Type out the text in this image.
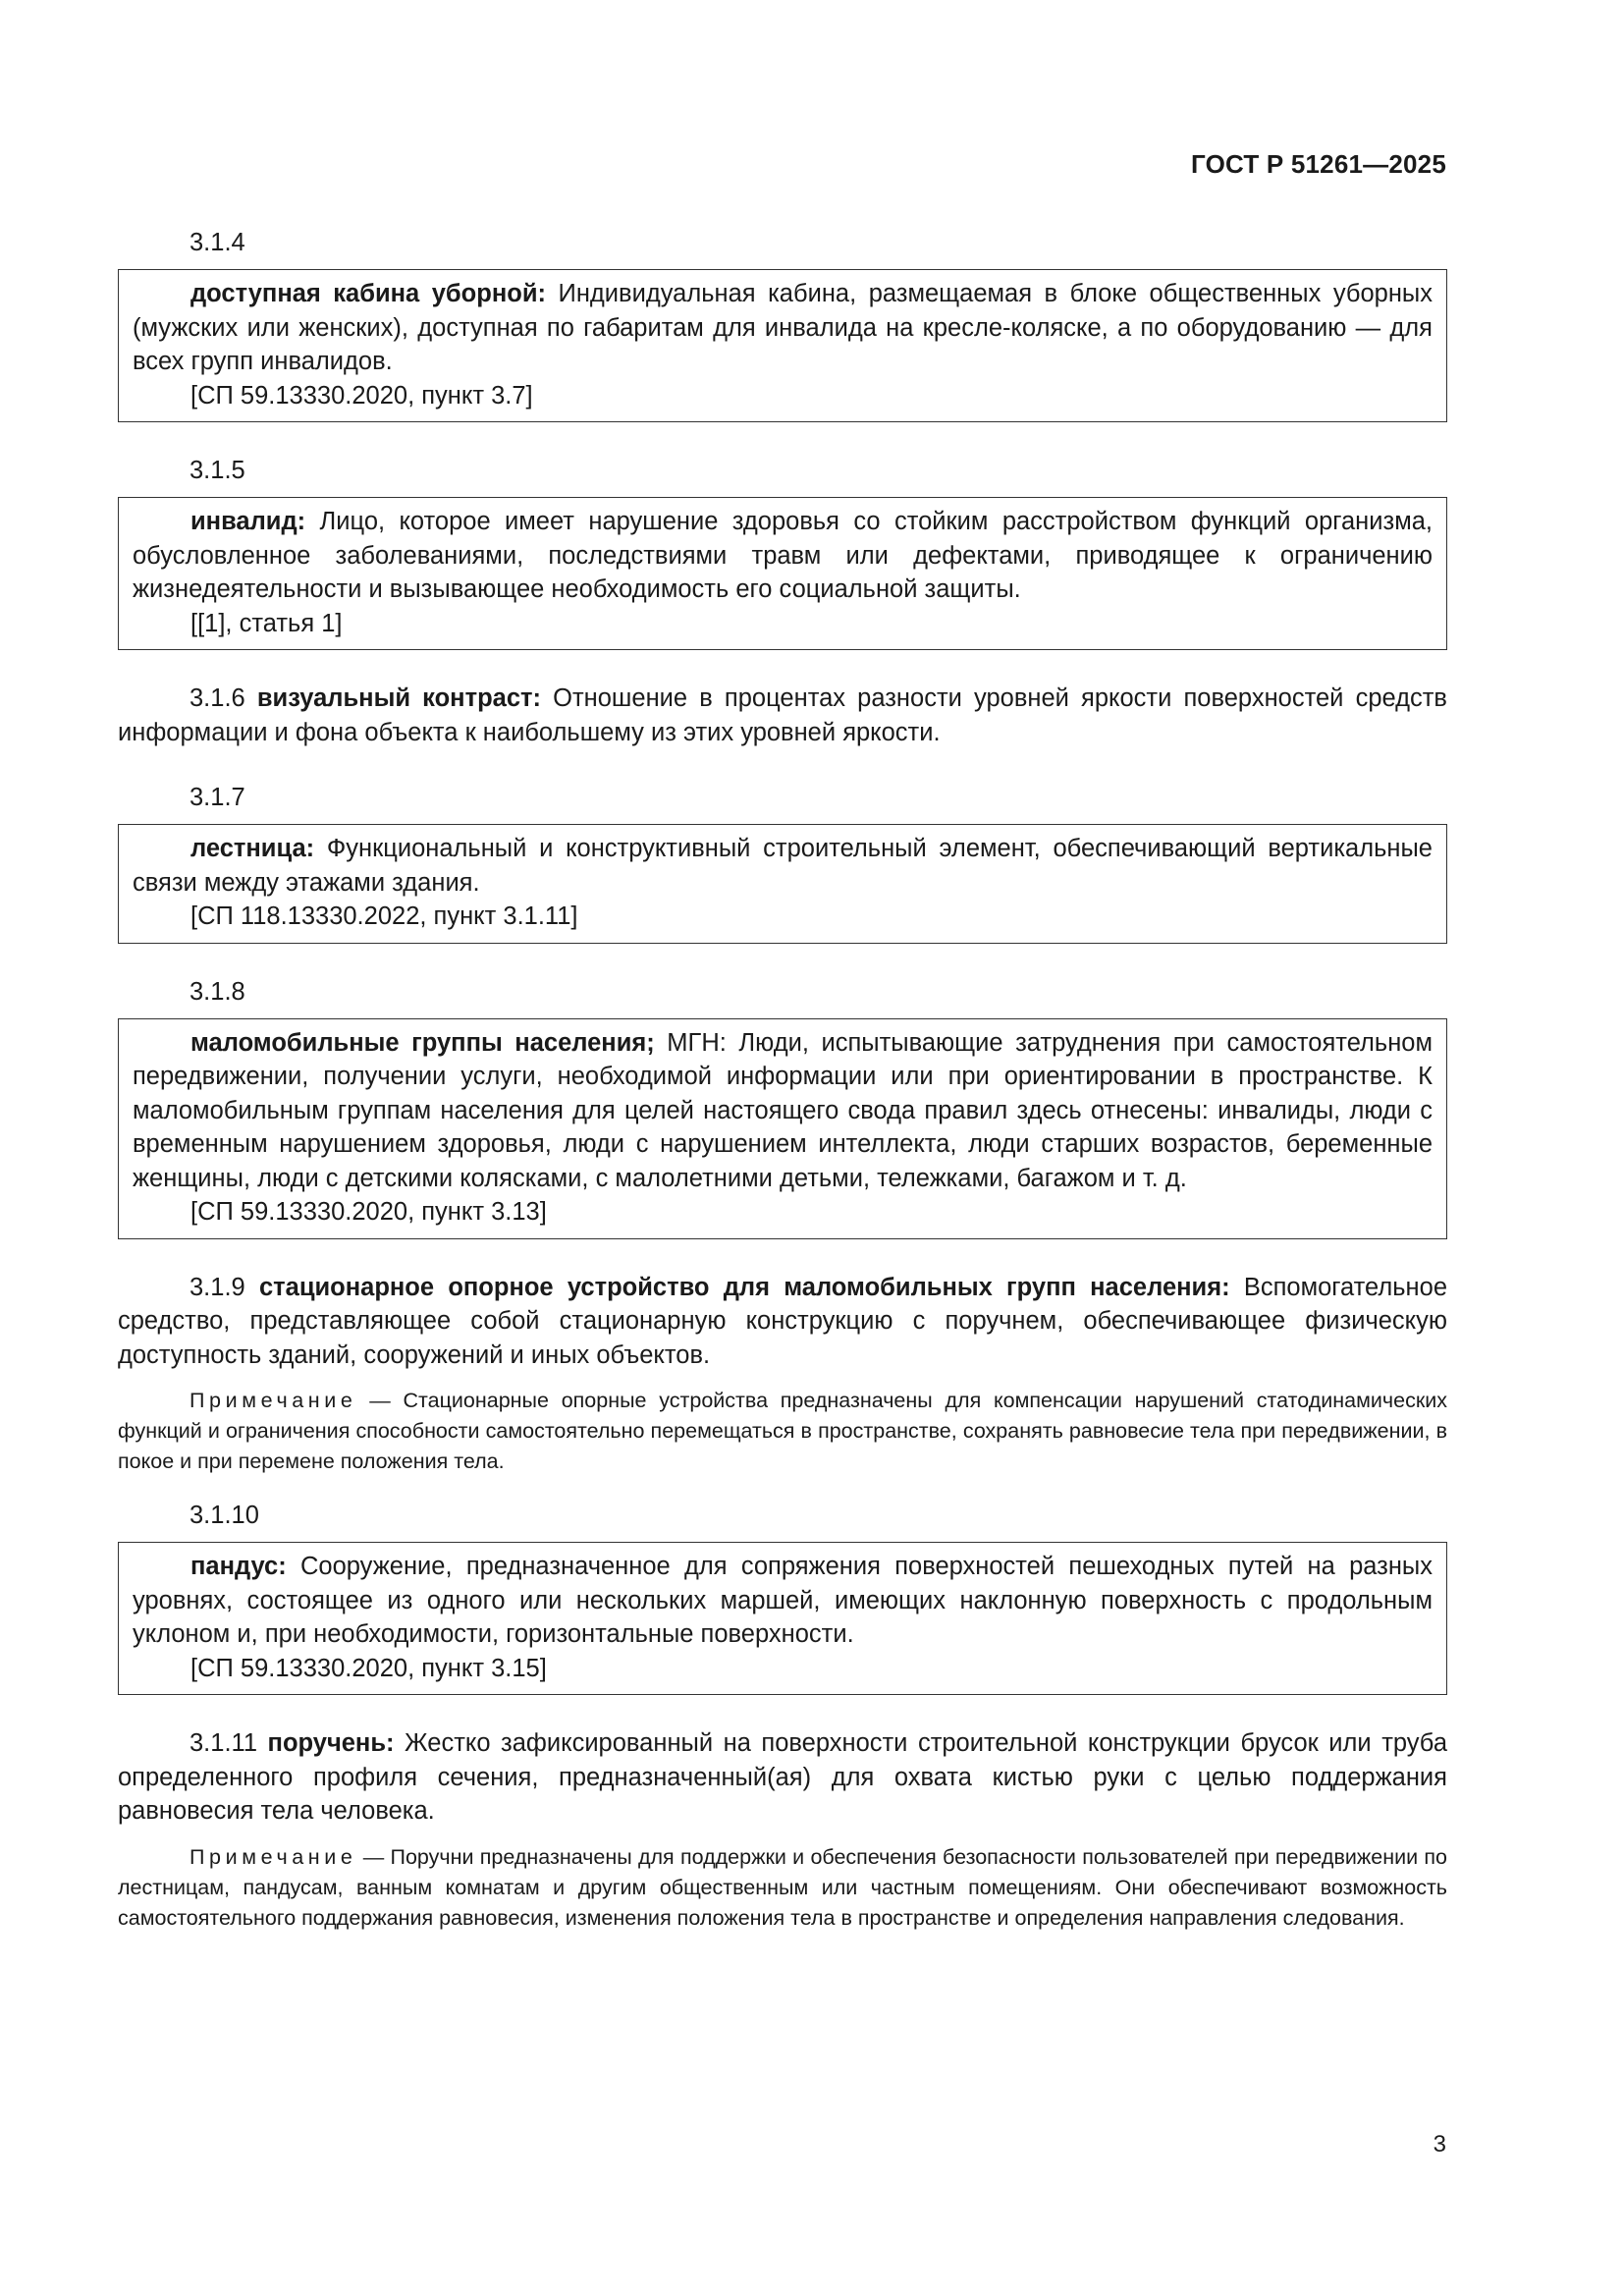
ГОСТ Р 51261—2025
3.1.4

доступная кабина уборной: Индивидуальная кабина, размещаемая в блоке общественных уборных (мужских или женских), доступная по габаритам для инвалида на кресле-коляске, а по оборудованию — для всех групп инвалидов.

[СП 59.13330.2020, пункт 3.7]

3.1.5

инвалид: Лицо, которое имеет нарушение здоровья со стойким расстройством функций организма, обусловленное заболеваниями, последствиями травм или дефектами, приводящее к ограничению жизнедеятельности и вызывающее необходимость его социальной защиты.

[[1], статья 1]

3.1.6 визуальный контраст: Отношение в процентах разности уровней яркости поверхностей средств информации и фона объекта к наибольшему из этих уровней яркости.

3.1.7

лестница: Функциональный и конструктивный строительный элемент, обеспечивающий вертикальные связи между этажами здания.

[СП 118.13330.2022, пункт 3.1.11]

3.1.8

маломобильные группы населения; МГН: Люди, испытывающие затруднения при самостоятельном передвижении, получении услуги, необходимой информации или при ориентировании в пространстве. К маломобильным группам населения для целей настоящего свода правил здесь отнесены: инвалиды, люди с временным нарушением здоровья, люди с нарушением интеллекта, люди старших возрастов, беременные женщины, люди с детскими колясками, с малолетними детьми, тележками, багажом и т. д.

[СП 59.13330.2020, пункт 3.13]

3.1.9 стационарное опорное устройство для маломобильных групп населения: Вспомогательное средство, представляющее собой стационарную конструкцию с поручнем, обеспечивающее физическую доступность зданий, сооружений и иных объектов.

Примечание — Стационарные опорные устройства предназначены для компенсации нарушений статодинамических функций и ограничения способности самостоятельно перемещаться в пространстве, сохранять равновесие тела при передвижении, в покое и при перемене положения тела.

3.1.10

пандус: Сооружение, предназначенное для сопряжения поверхностей пешеходных путей на разных уровнях, состоящее из одного или нескольких маршей, имеющих наклонную поверхность с продольным уклоном и, при необходимости, горизонтальные поверхности.

[СП 59.13330.2020, пункт 3.15]

3.1.11 поручень: Жестко зафиксированный на поверхности строительной конструкции брусок или труба определенного профиля сечения, предназначенный(ая) для охвата кистью руки с целью поддержания равновесия тела человека.

Примечание — Поручни предназначены для поддержки и обеспечения безопасности пользователей при передвижении по лестницам, пандусам, ванным комнатам и другим общественным или частным помещениям. Они обеспечивают возможность самостоятельного поддержания равновесия, изменения положения тела в пространстве и определения направления следования.

3
